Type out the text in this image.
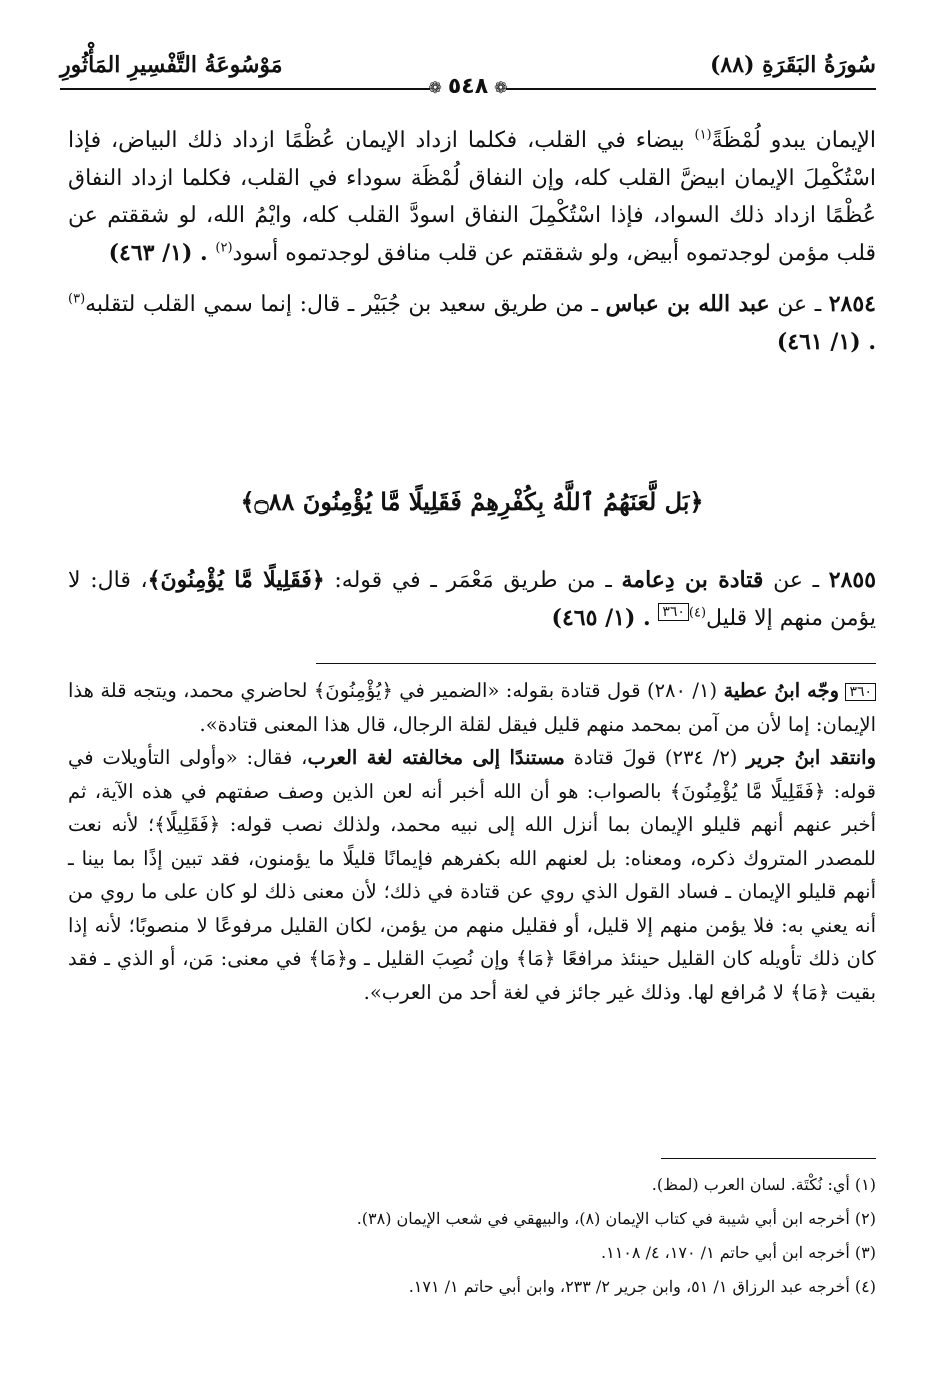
سُورَةُ البَقَرَةِ (٨٨)
مَوْسُوعَةُ التَّفْسِيرِ المَأْثُورِ
❁٥٤٨❁

الإيمان يبدو لُمْظَةً$^{(١)}$ بيضاء في القلب، فكلما ازداد الإيمان عُظْمًا ازداد ذلك البياض، فإذا اسْتُكْمِلَ الإيمان ابيضَّ القلب كله، وإن النفاق لُمْظَة سوداء في القلب، فكلما ازداد النفاق عُظْمًا ازداد ذلك السواد، فإذا اسْتُكْمِلَ النفاق اسودَّ القلب كله، وايْمُ الله، لو شققتم عن قلب مؤمن لوجدتموه أبيض، ولو شققتم عن قلب منافق لوجدتموه أسود$^{(٢)}$ . (١/ ٤٦٣)

٢٨٥٤ ـ عن عبد الله بن عباس ـ من طريق سعيد بن جُبَيْر ـ قال: إنما سمي القلب لتقلبه$^{(٣)}$ . (١/ ٤٦١)

﴿بَل لَّعَنَهُمُ ٱللَّهُ بِكُفْرِهِمْ فَقَلِيلًا مَّا يُؤْمِنُونَ ۝٨٨﴾

٢٨٥٥ ـ عن قتادة بن دِعامة ـ من طريق مَعْمَر ـ في قوله: ﴿فَقَلِيلًا مَّا يُؤْمِنُونَ﴾، قال: لا يؤمن منهم إلا قليل$^{(٤)}$٣٦٠ . (١/ ٤٦٥)

٣٦٠ وجّه ابنُ عطية (١/ ٢٨٠) قول قتادة بقوله: «الضمير في ﴿يُؤْمِنُونَ﴾ لحاضري محمد، ويتجه قلة هذا الإيمان: إما لأن من آمن بمحمد منهم قليل فيقل لقلة الرجال، قال هذا المعنى قتادة».

وانتقد ابنُ جرير (٢/ ٢٣٤) قولَ قتادة مستندًا إلى مخالفته لغة العرب، فقال: «وأولى التأويلات في قوله: ﴿فَقَلِيلًا مَّا يُؤْمِنُونَ﴾ بالصواب: هو أن الله أخبر أنه لعن الذين وصف صفتهم في هذه الآية، ثم أخبر عنهم أنهم قليلو الإيمان بما أنزل الله إلى نبيه محمد، ولذلك نصب قوله: ﴿فَقَلِيلًا﴾؛ لأنه نعت للمصدر المتروك ذكره، ومعناه: بل لعنهم الله بكفرهم فإيمانًا قليلًا ما يؤمنون، فقد تبين إذًا بما بينا ـ أنهم قليلو الإيمان ـ فساد القول الذي روي عن قتادة في ذلك؛ لأن معنى ذلك لو كان على ما روي من أنه يعني به: فلا يؤمن منهم إلا قليل، أو فقليل منهم من يؤمن، لكان القليل مرفوعًا لا منصوبًا؛ لأنه إذا كان ذلك تأويله كان القليل حينئذ مرافعًا ﴿مَا﴾ وإن نُصِبَ القليل ـ و﴿مَا﴾ في معنى: مَن، أو الذي ـ فقد بقيت ﴿مَا﴾ لا مُرافع لها. وذلك غير جائز في لغة أحد من العرب».

(١) أي: نُكْتَة. لسان العرب (لمظ).
(٢) أخرجه ابن أبي شيبة في كتاب الإيمان (٨)، والبيهقي في شعب الإيمان (٣٨).
(٣) أخرجه ابن أبي حاتم ١/ ١٧٠، ٤/ ١١٠٨.
(٤) أخرجه عبد الرزاق ١/ ٥١، وابن جرير ٢/ ٢٣٣، وابن أبي حاتم ١/ ١٧١.
